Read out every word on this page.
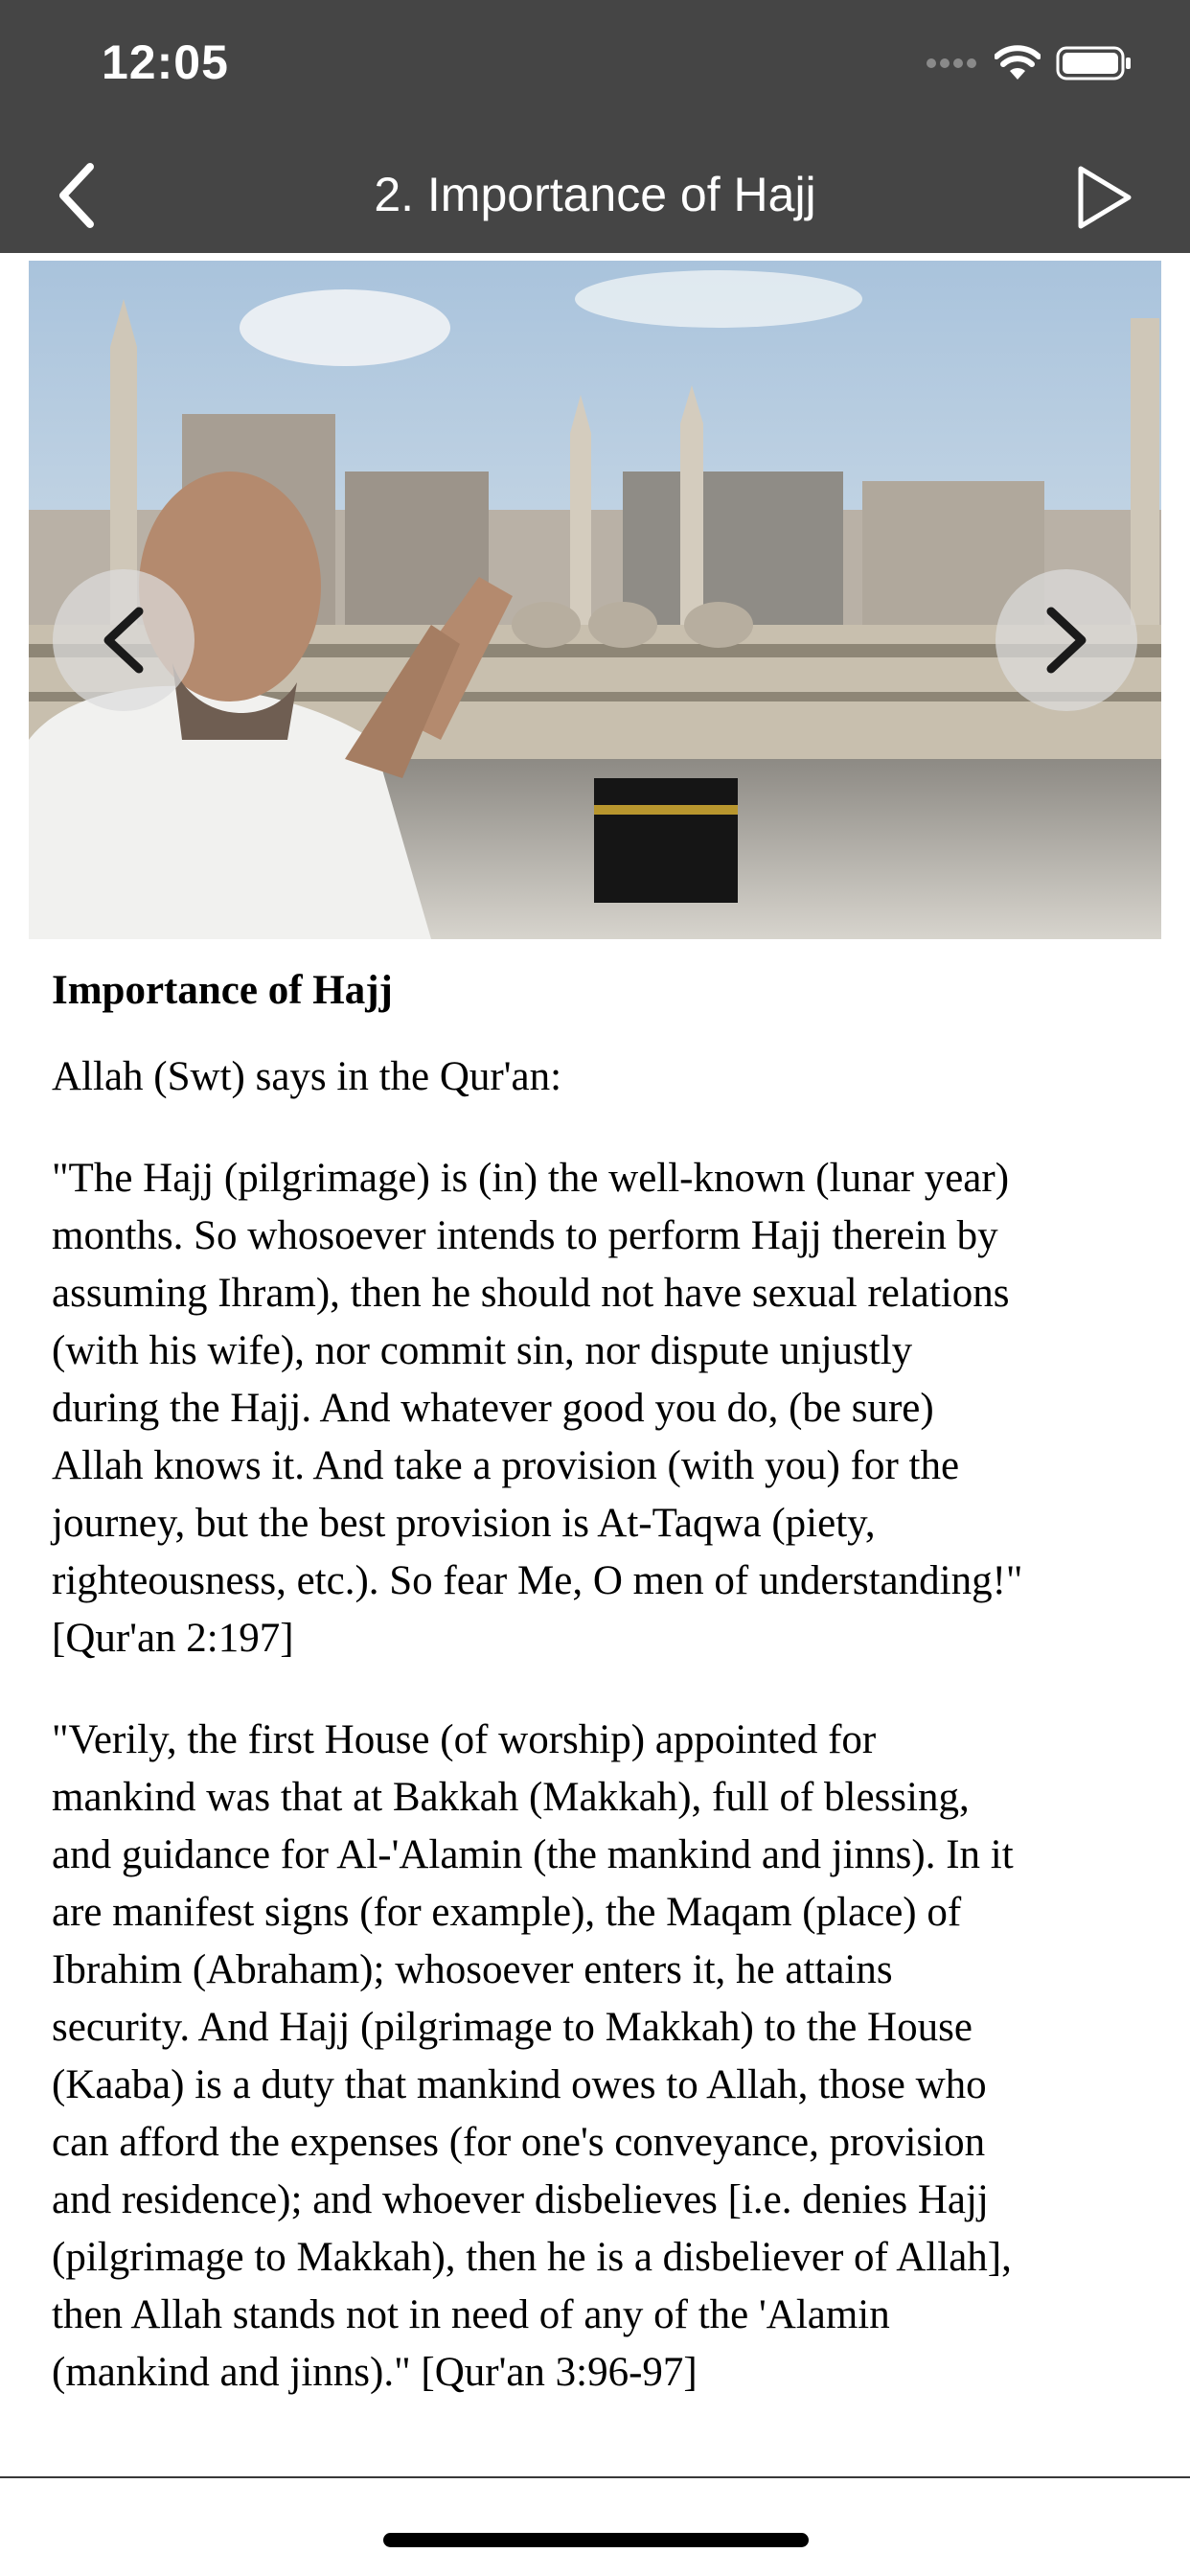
12:05
2. Importance of Hajj
Importance of Hajj

Allah (Swt) says in the Qur'an:

"The Hajj (pilgrimage) is (in) the well-known (lunar year)
months. So whosoever intends to perform Hajj therein by
assuming Ihram), then he should not have sexual relations
(with his wife), nor commit sin, nor dispute unjustly
during the Hajj. And whatever good you do, (be sure)
Allah knows it. And take a provision (with you) for the
journey, but the best provision is At-Taqwa (piety,
righteousness, etc.). So fear Me, O men of understanding!"
[Qur'an 2:197]

"Verily, the first House (of worship) appointed for
mankind was that at Bakkah (Makkah), full of blessing,
and guidance for Al-'Alamin (the mankind and jinns). In it
are manifest signs (for example), the Maqam (place) of
Ibrahim (Abraham); whosoever enters it, he attains
security. And Hajj (pilgrimage to Makkah) to the House
(Kaaba) is a duty that mankind owes to Allah, those who
can afford the expenses (for one's conveyance, provision
and residence); and whoever disbelieves [i.e. denies Hajj
(pilgrimage to Makkah), then he is a disbeliever of Allah],
then Allah stands not in need of any of the 'Alamin
(mankind and jinns)." [Qur'an 3:96-97]
